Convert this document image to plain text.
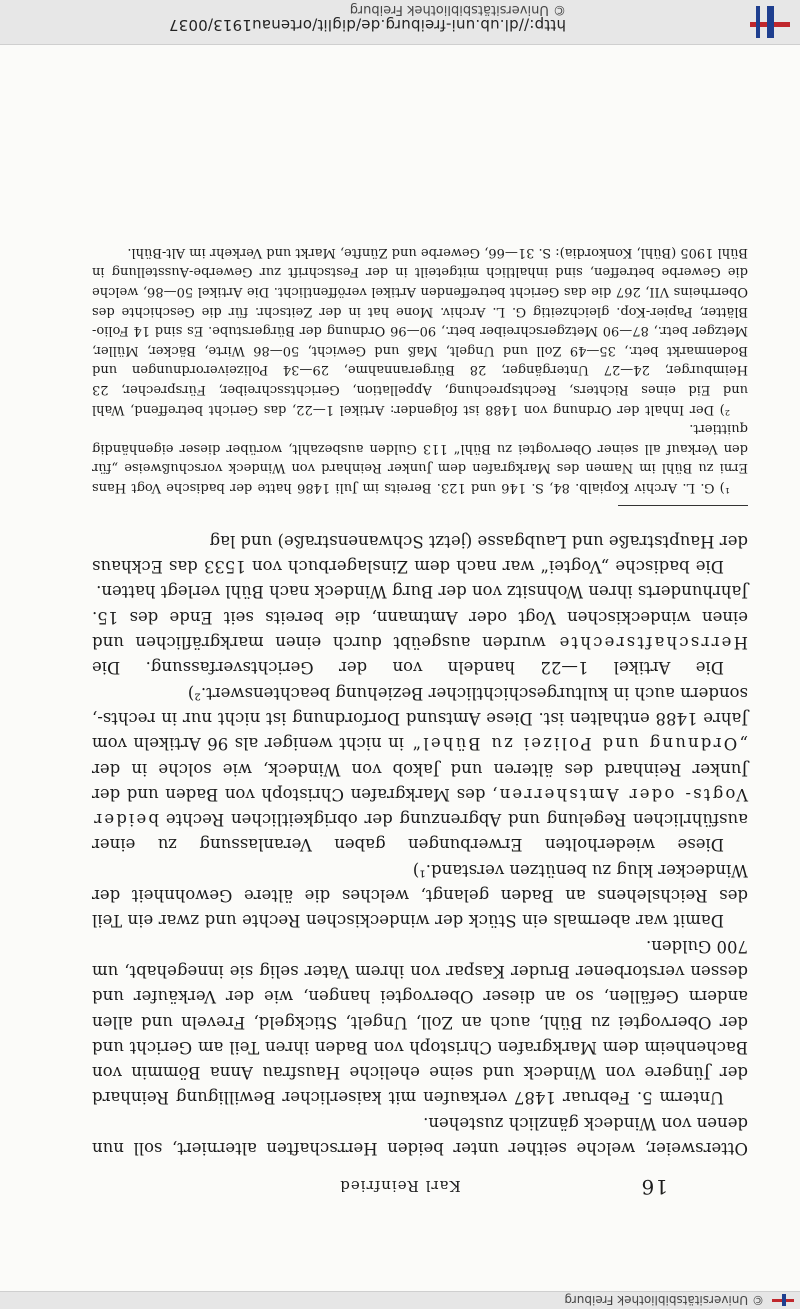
© Universitätsbibliothek Freiburg
16
Karl Reinfried

Ottersweier, welche seither unter beiden Herrschaften alterniert, soll nun denen von Windeck gänzlich zustehen.

Unterm 5. Februar 1487 verkaufen mit kaiserlicher Bewilligung Reinhard der Jüngere von Windeck und seine eheliche Hausfrau Anna Bömmin von Bachenheim dem Markgrafen Christoph von Baden ihren Teil am Gericht und der Obervogtei zu Bühl, auch an Zoll, Ungelt, Stickgeld, Freveln und allen andern Gefällen, so an dieser Obervogtei hangen, wie der Verkäufer und dessen verstorbener Bruder Kaspar von ihrem Vater selig sie innegehabt, um 700 Gulden.

Damit war abermals ein Stück der windeckischen Rechte und zwar ein Teil des Reichslehens an Baden gelangt, welches die ältere Gewohnheit der Windecker klug zu benützen verstand.¹)

Diese wiederholten Erwerbungen gaben Veranlassung zu einer ausführlichen Regelung und Abgrenzung der obrigkeitlichen Rechte beider Vogts- oder Amtsherren, des Markgrafen Christoph von Baden und der Junker Reinhard des älteren und Jakob von Windeck, wie solche in der „Ordnung und Polizei zu Bühel“ in nicht weniger als 96 Artikeln vom Jahre 1488 enthalten ist. Diese Amtsund Dorfordnung ist nicht nur in rechts-, sondern auch in kulturgeschichtlicher Beziehung beachtenswert.²)

Die Artikel 1—22 handeln von der Gerichtsverfassung. Die Herrschaftsrechte wurden ausgeübt durch einen markgräflichen und einen windeckischen Vogt oder Amtmann, die bereits seit Ende des 15. Jahrhunderts ihren Wohnsitz von der Burg Windeck nach Bühl verlegt hatten.

Die badische „Vogtei“ war nach dem Zinslagerbuch von 1533 das Eckhaus der Hauptstraße und Laubgasse (jetzt Schwanenstraße) und lag

¹) G. L. Archiv Kopialb. 84, S. 146 und 123. Bereits im Juli 1486 hatte der badische Vogt Hans Erni zu Bühl im Namen des Markgrafen dem Junker Reinhard von Windeck vorschußweise „für den Verkauf all seiner Obervogtei zu Bühl“ 113 Gulden ausbezahlt, worüber dieser eigenhändig quittiert.

²) Der Inhalt der Ordnung von 1488 ist folgender: Artikel 1—22, das Gericht betreffend, Wahl und Eid eines Richters, Rechtsprechung, Appellation, Gerichtsschreiber, Fürsprecher, 23 Heimburger, 24—27 Untergänger, 28 Bürgerannahme, 29—34 Polizeiverordnungen und Bodenmarkt betr., 35—49 Zoll und Ungelt, Maß und Gewicht, 50—86 Wirte, Bäcker, Müller, Metzger betr., 87—90 Metzgerschreiber betr., 90—96 Ordnung der Bürgerstube. Es sind 14 Folio-Blätter, Papier-Kop. gleichzeitig G. L. Archiv. Mone hat in der Zeitschr. für die Geschichte des Oberrheins VII, 267 die das Gericht betreffenden Artikel veröffentlicht. Die Artikel 50—86, welche die Gewerbe betreffen, sind inhaltlich mitgeteilt in der Festschrift zur Gewerbe-Ausstellung in Bühl 1905 (Bühl, Konkordia): S. 31—66, Gewerbe und Zünfte, Markt und Verkehr im Alt-Bühl.

http://dl.ub.uni-freiburg.de/diglit/ortenau1913/0037
© Universitätsbibliothek Freiburg
